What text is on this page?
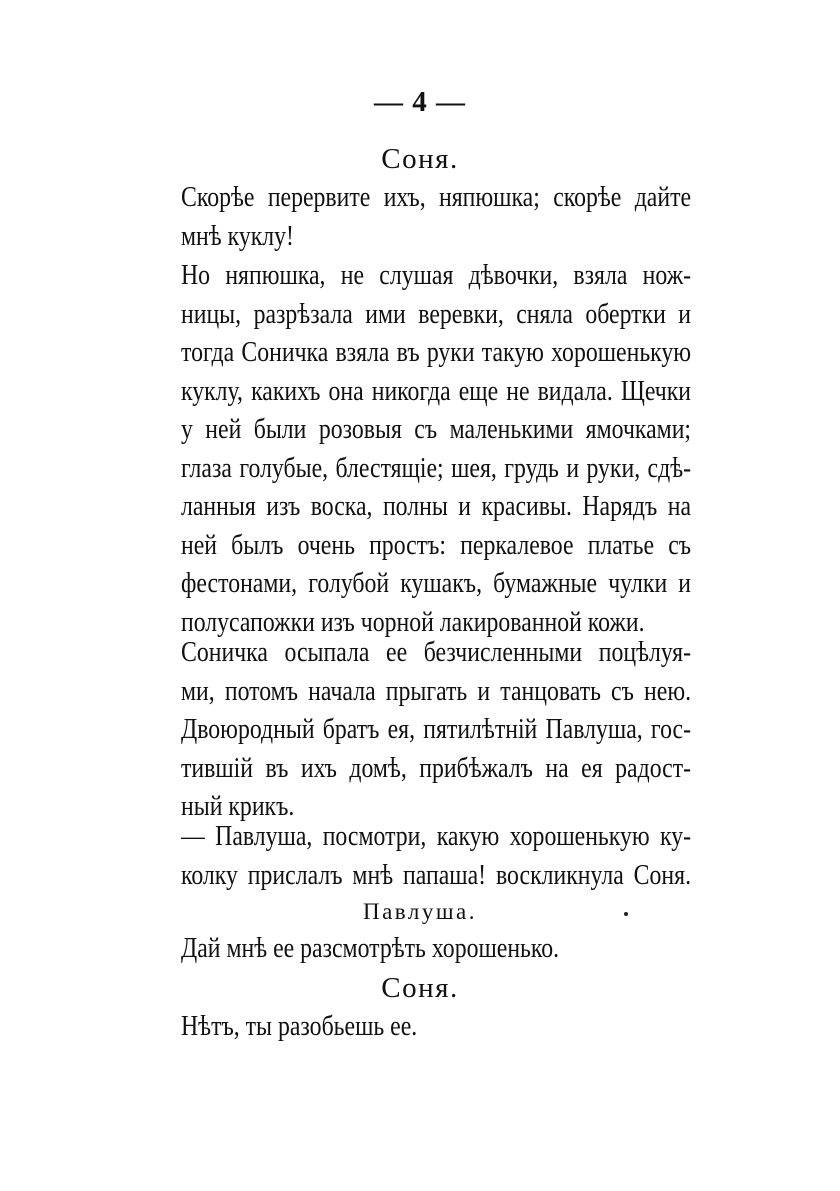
— 4 —
Соня.
Скорѣе перервите ихъ, няпюшка; скорѣе дайте
мнѣ куклу!
Но няпюшка, не слушая дѣвочки, взяла нож-
ницы, разрѣзала ими веревки, сняла обертки и
тогда Соничка взяла въ руки такую хорошенькую
куклу, какихъ она никогда еще не видала. Щечки
у ней были розовыя съ маленькими ямочками;
глаза голубые, блестящіе; шея, грудь и руки, сдѣ-
ланныя изъ воска, полны и красивы. Нарядъ на
ней былъ очень простъ: перкалевое платье съ
фестонами, голубой кушакъ, бумажные чулки и
полусапожки изъ чорной лакированной кожи.
Соничка осыпала ее безчисленными поцѣлуя-
ми, потомъ начала прыгать и танцовать съ нею.
Двоюродный братъ ея, пятилѣтній Павлуша, гос-
тившій въ ихъ домѣ, прибѣжалъ на ея радост-
ный крикъ.
— Павлуша, посмотри, какую хорошенькую ку-
колку прислалъ мнѣ папаша! воскликнула Соня.
Павлуша.
Дай мнѣ ее разсмотрѣть хорошенько.
Соня.
Нѣтъ, ты разобьешь ее.
